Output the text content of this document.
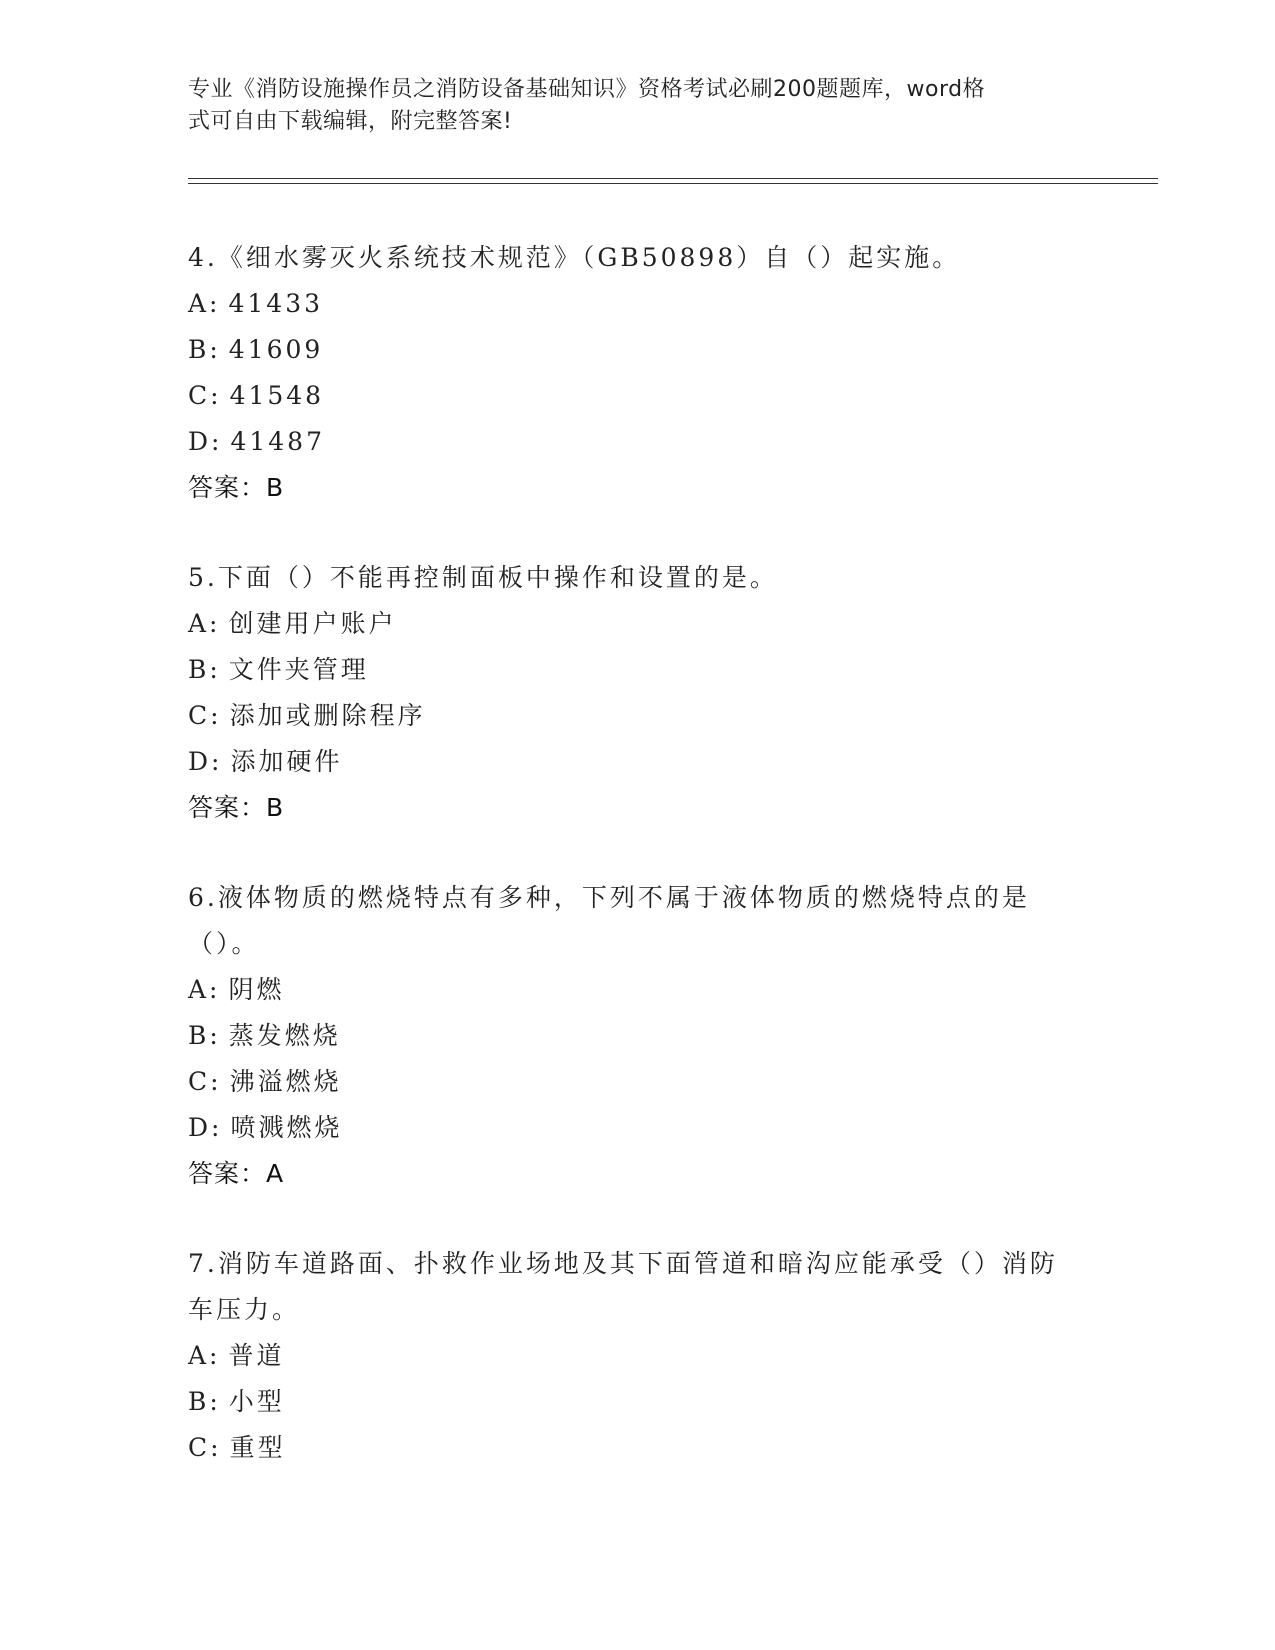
专业《消防设施操作员之消防设备基础知识》资格考试必刷200题题库，word格
式可自由下载编辑，附完整答案!

4.《细水雾灭火系统技术规范》（GB50898）自（）起实施。

A: 41433
B: 41609
C: 41548
D: 41487
答案：B

5.下面（）不能再控制面板中操作和设置的是。

A: 创建用户账户
B: 文件夹管理
C: 添加或删除程序
D: 添加硬件
答案：B

6.液体物质的燃烧特点有多种，下列不属于液体物质的燃烧特点的是（）。

A: 阴燃
B: 蒸发燃烧
C: 沸溢燃烧
D: 喷溅燃烧
答案：A

7.消防车道路面、扑救作业场地及其下面管道和暗沟应能承受（）消防车压力。

A: 普道
B: 小型
C: 重型
